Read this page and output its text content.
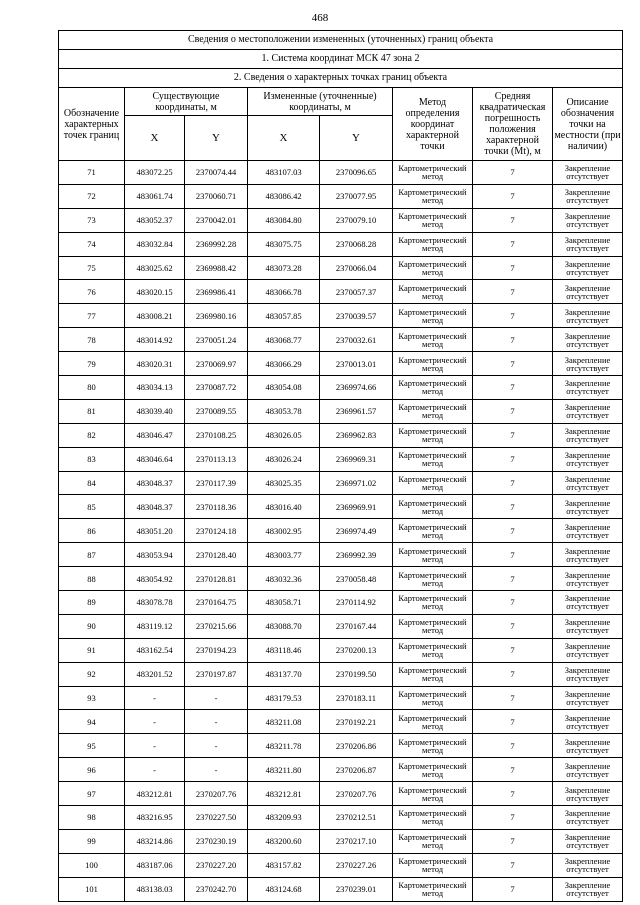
468
Сведения о местоположении измененных (уточненных) границ объекта							
1. Система координат МСК 47 зона 2							
2. Сведения о характерных точках границ объекта							
Обозначение характерных точек границ	Существующие координаты, м		Измененные (уточненные) координаты, м		Метод определения координат характерной точки	Средняя квадратическая погрешность положения характерной точки (Mt), м	Описание обозначения точки на местности (при наличии)
	X	Y	X	Y			
71	483072.25	2370074.44	483107.03	2370096.65	Картометрический метод	7	Закрепление отсутствует
72	483061.74	2370060.71	483086.42	2370077.95	Картометрический метод	7	Закрепление отсутствует
73	483052.37	2370042.01	483084.80	2370079.10	Картометрический метод	7	Закрепление отсутствует
74	483032.84	2369992.28	483075.75	2370068.28	Картометрический метод	7	Закрепление отсутствует
75	483025.62	2369988.42	483073.28	2370066.04	Картометрический метод	7	Закрепление отсутствует
76	483020.15	2369986.41	483066.78	2370057.37	Картометрический метод	7	Закрепление отсутствует
77	483008.21	2369980.16	483057.85	2370039.57	Картометрический метод	7	Закрепление отсутствует
78	483014.92	2370051.24	483068.77	2370032.61	Картометрический метод	7	Закрепление отсутствует
79	483020.31	2370069.97	483066.29	2370013.01	Картометрический метод	7	Закрепление отсутствует
80	483034.13	2370087.72	483054.08	2369974.66	Картометрический метод	7	Закрепление отсутствует
81	483039.40	2370089.55	483053.78	2369961.57	Картометрический метод	7	Закрепление отсутствует
82	483046.47	2370108.25	483026.05	2369962.83	Картометрический метод	7	Закрепление отсутствует
83	483046.64	2370113.13	483026.24	2369969.31	Картометрический метод	7	Закрепление отсутствует
84	483048.37	2370117.39	483025.35	2369971.02	Картометрический метод	7	Закрепление отсутствует
85	483048.37	2370118.36	483016.40	2369969.91	Картометрический метод	7	Закрепление отсутствует
86	483051.20	2370124.18	483002.95	2369974.49	Картометрический метод	7	Закрепление отсутствует
87	483053.94	2370128.40	483003.77	2369992.39	Картометрический метод	7	Закрепление отсутствует
88	483054.92	2370128.81	483032.36	2370058.48	Картометрический метод	7	Закрепление отсутствует
89	483078.78	2370164.75	483058.71	2370114.92	Картометрический метод	7	Закрепление отсутствует
90	483119.12	2370215.66	483088.70	2370167.44	Картометрический метод	7	Закрепление отсутствует
91	483162.54	2370194.23	483118.46	2370200.13	Картометрический метод	7	Закрепление отсутствует
92	483201.52	2370197.87	483137.70	2370199.50	Картометрический метод	7	Закрепление отсутствует
93	-	-	483179.53	2370183.11	Картометрический метод	7	Закрепление отсутствует
94	-	-	483211.08	2370192.21	Картометрический метод	7	Закрепление отсутствует
95	-	-	483211.78	2370206.86	Картометрический метод	7	Закрепление отсутствует
96	-	-	483211.80	2370206.87	Картометрический метод	7	Закрепление отсутствует
97	483212.81	2370207.76	483212.81	2370207.76	Картометрический метод	7	Закрепление отсутствует
98	483216.95	2370227.50	483209.93	2370212.51	Картометрический метод	7	Закрепление отсутствует
99	483214.86	2370230.19	483200.60	2370217.10	Картометрический метод	7	Закрепление отсутствует
100	483187.06	2370227.20	483157.82	2370227.26	Картометрический метод	7	Закрепление отсутствует
101	483138.03	2370242.70	483124.68	2370239.01	Картометрический метод	7	Закрепление отсутствует
